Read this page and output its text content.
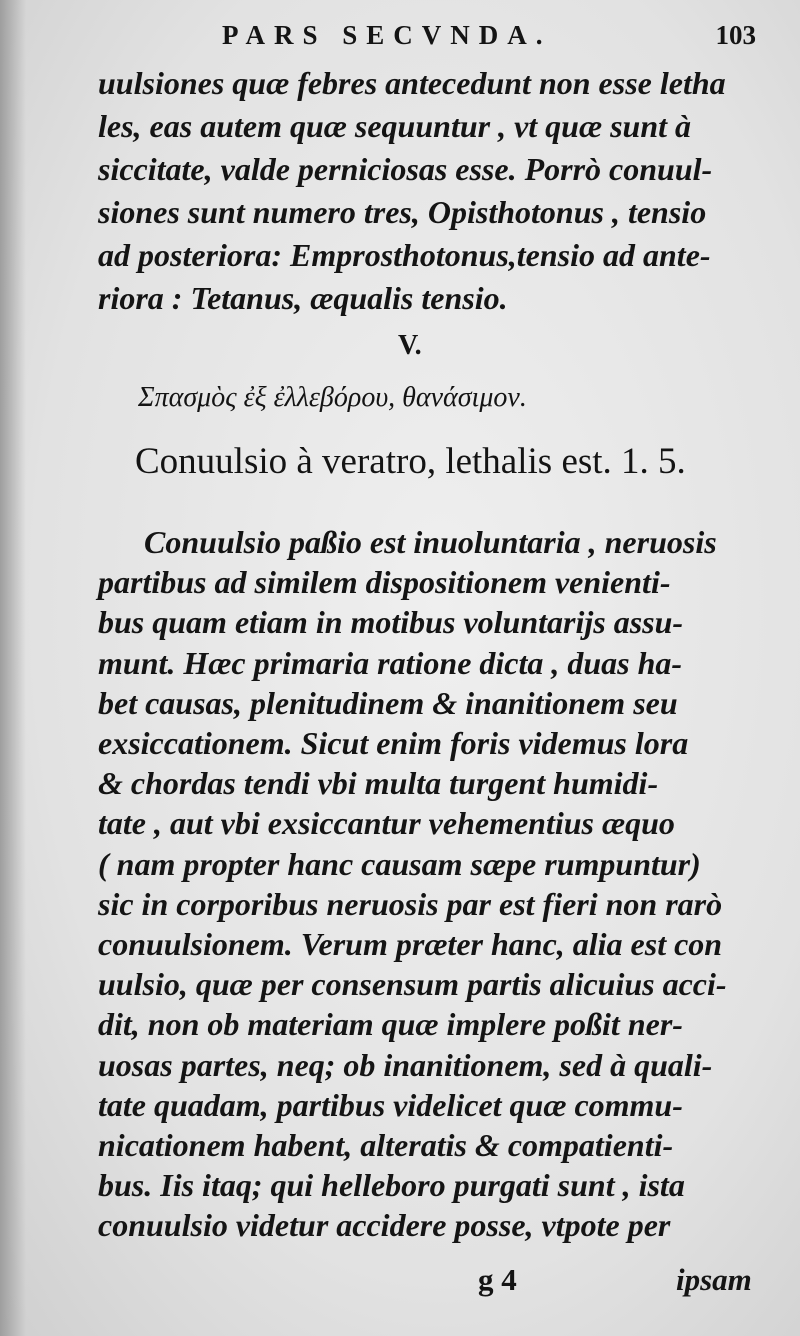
PARS SECVNDA.	103
uulsiones quæ febres antecedunt non esse letha
les, eas autem quæ sequuntur , vt quæ sunt à
siccitate, valde perniciosas esse. Porrò conuul-
siones sunt numero tres, Opisthotonus , tensio
ad posteriora: Emprosthotonus,tensio ad ante-
riora : Tetanus, æqualis tensio.
V.
Σπασμὸς ἐξ ἐλλεβόρου, θανάσιμον.
Conuulsio à veratro, lethalis est. 1. 5.
Conuulsio paßio est inuoluntaria , neruosis
partibus ad similem dispositionem venienti-
bus quam etiam in motibus voluntarijs assu-
munt. Hæc primaria ratione dicta , duas ha-
bet causas, plenitudinem & inanitionem seu
exsiccationem. Sicut enim foris videmus lora
& chordas tendi vbi multa turgent humidi-
tate , aut vbi exsiccantur vehementius æquo
( nam propter hanc causam sæpe rumpuntur)
sic in corporibus neruosis par est fieri non rarò
conuulsionem. Verum præter hanc, alia est con
uulsio, quæ per consensum partis alicuius acci-
dit, non ob materiam quæ implere poßit ner-
uosas partes, neq; ob inanitionem, sed à quali-
tate quadam, partibus videlicet quæ commu-
nicationem habent, alteratis & compatienti-
bus. Iis itaq; qui helleboro purgati sunt , ista
conuulsio videtur accidere posse, vtpote per
g 4	ipsam
